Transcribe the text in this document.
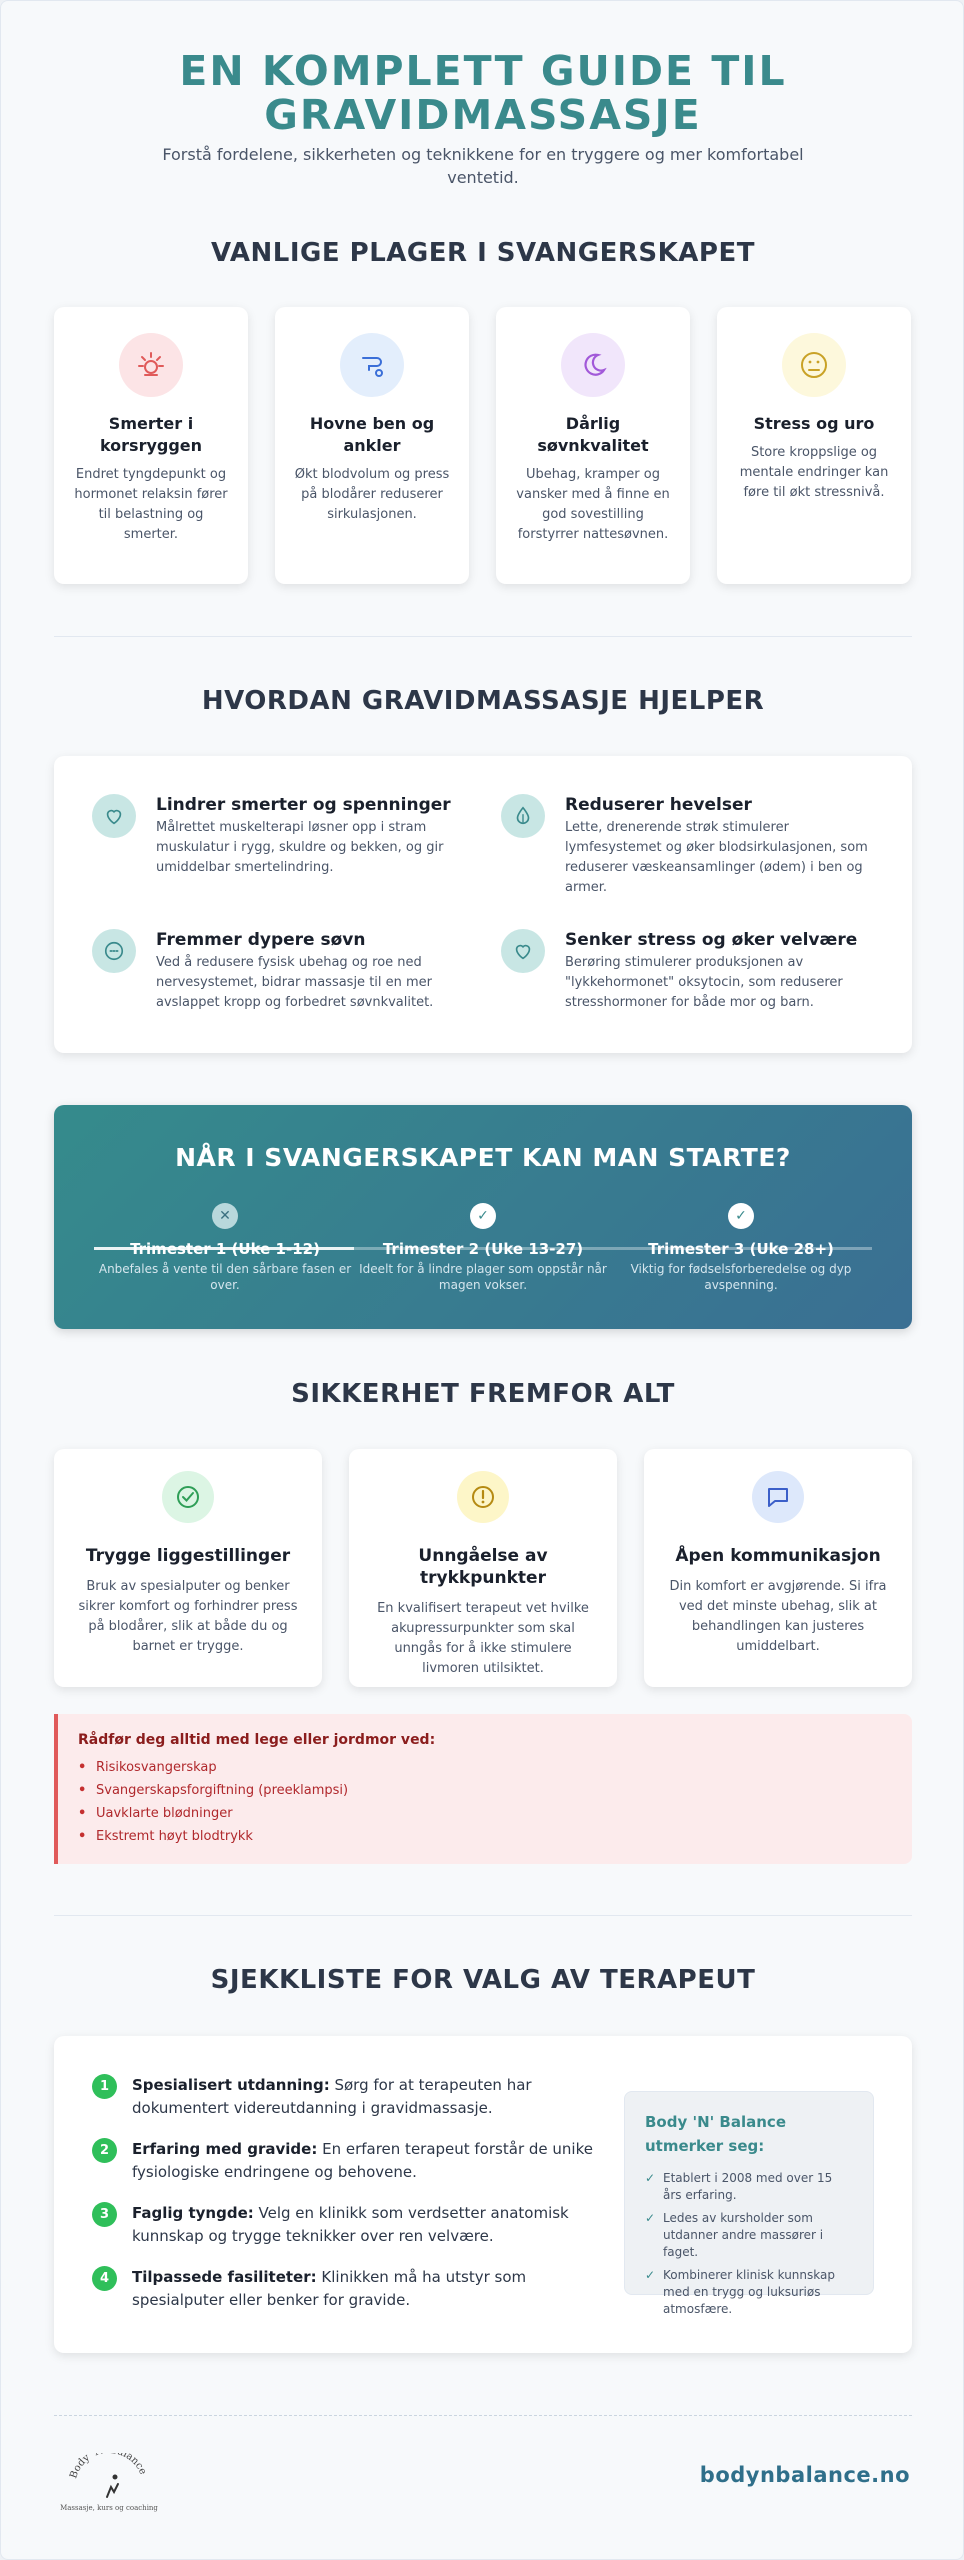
EN KOMPLETT GUIDE TIL
GRAVIDMASSASJE
Forstå fordelene, sikkerheten og teknikkene for en tryggere og mer komfortabel ventetid.
VANLIGE PLAGER I SVANGERSKAPET
Smerter i korsryggen
Endret tyngdepunkt og hormonet relaksin fører til belastning og smerter.
Hovne ben og ankler
Økt blodvolum og press på blodårer reduserer sirkulasjonen.
Dårlig søvnkvalitet
Ubehag, kramper og vansker med å finne en god sovestilling forstyrrer nattesøvnen.
Stress og uro
Store kroppslige og mentale endringer kan føre til økt stressnivå.
HVORDAN GRAVIDMASSASJE HJELPER
Lindrer smerter og spenninger
Målrettet muskelterapi løsner opp i stram muskulatur i rygg, skuldre og bekken, og gir umiddelbar smertelindring.
Reduserer hevelser
Lette, drenerende strøk stimulerer lymfesystemet og øker blodsirkulasjonen, som reduserer væskeansamlinger (ødem) i ben og armer.
Fremmer dypere søvn
Ved å redusere fysisk ubehag og roe ned nervesystemet, bidrar massasje til en mer avslappet kropp og forbedret søvnkvalitet.
Senker stress og øker velvære
Berøring stimulerer produksjonen av "lykkehormonet" oksytocin, som reduserer stresshormoner for både mor og barn.
NÅR I SVANGERSKAPET KAN MAN STARTE?
✕
Trimester 1 (Uke 1-12)
Anbefales å vente til den sårbare fasen er over.
✓
Trimester 2 (Uke 13-27)
Ideelt for å lindre plager som oppstår når magen vokser.
✓
Trimester 3 (Uke 28+)
Viktig for fødselsforberedelse og dyp avspenning.
SIKKERHET FREMFOR ALT
Trygge liggestillinger
Bruk av spesialputer og benker sikrer komfort og forhindrer press på blodårer, slik at både du og barnet er trygge.
Unngåelse av trykkpunkter
En kvalifisert terapeut vet hvilke akupressurpunkter som skal unngås for å ikke stimulere livmoren utilsiktet.
Åpen kommunikasjon
Din komfort er avgjørende. Si ifra ved det minste ubehag, slik at behandlingen kan justeres umiddelbart.
Rådfør deg alltid med lege eller jordmor ved:
• Risikosvangerskap
• Svangerskapsforgiftning (preeklampsi)
• Uavklarte blødninger
• Ekstremt høyt blodtrykk
SJEKKLISTE FOR VALG AV TERAPEUT
1	Spesialisert utdanning: Sørg for at terapeuten har dokumentert videreutdanning i gravidmassasje.
2	Erfaring med gravide: En erfaren terapeut forstår de unike fysiologiske endringene og behovene.
3	Faglig tyngde: Velg en klinikk som verdsetter anatomisk kunnskap og trygge teknikker over ren velvære.
4	Tilpassede fasiliteter: Klinikken må ha utstyr som spesialputer eller benker for gravide.
Body 'N' Balance utmerker seg:
✓ Etablert i 2008 med over 15 års erfaring.
✓ Ledes av kursholder som utdanner andre massører i faget.
✓ Kombinerer klinisk kunnskap med en trygg og luksuriøs atmosfære.
Body ' lance
Massasje, kurs og coaching
bodynbalance.no
